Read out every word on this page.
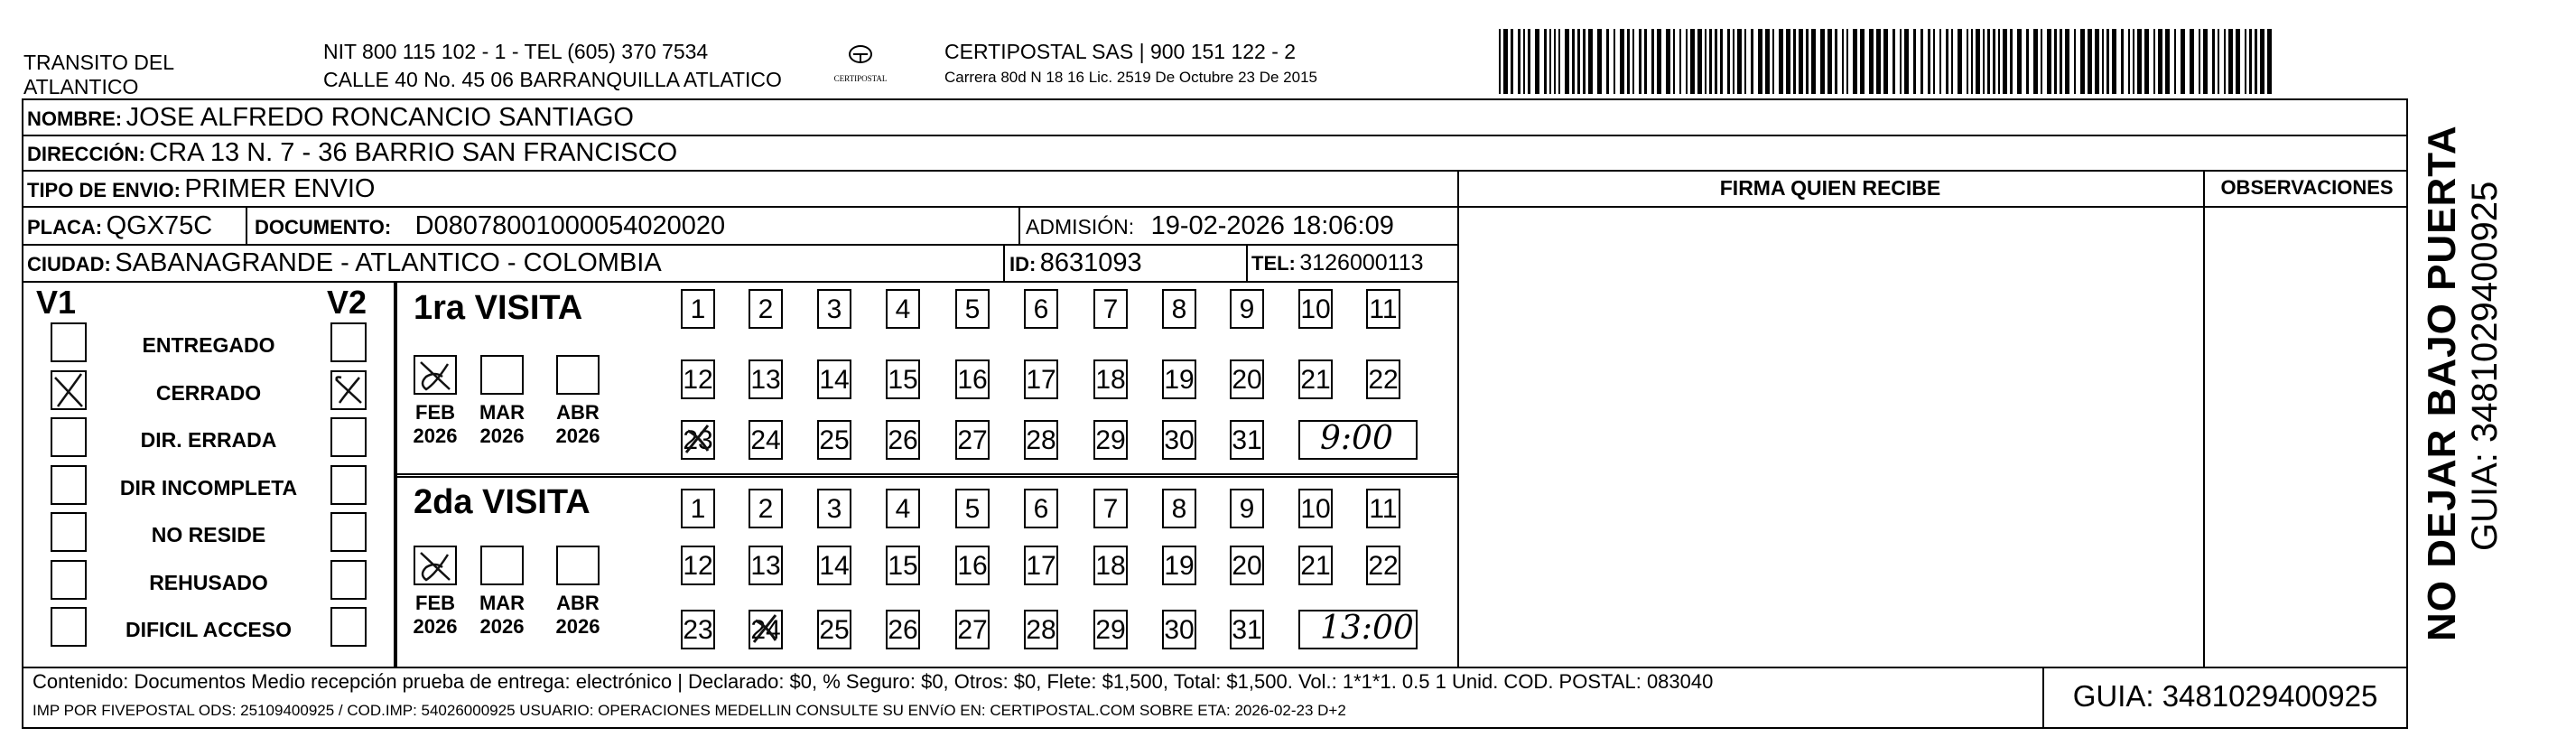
TRANSITO DEL
ATLANTICO
NIT 800 115 102 - 1 - TEL (605) 370 7534
CALLE 40 No. 45 06 BARRANQUILLA ATLATICO	CERTIPOSTAL
CERTIPOSTAL SAS | 900 151 122 - 2
Carrera 80d N 18 16 Lic. 2519 De Octubre 23 De 2015
NOMBRE: JOSE ALFREDO RONCANCIO SANTIAGO
DIRECCIÓN: CRA 13 N. 7 - 36 BARRIO SAN FRANCISCO
TIPO DE ENVIO: PRIMER ENVIO
PLACA: QGX75C DOCUMENTO: D08078001000054020020	ADMISIÓN: 19-02-2026 18:06:09
CIUDAD: SABANAGRANDE - ATLANTICO - COLOMBIA	ID: 8631093	TEL: 3126000113
FIRMA QUIEN RECIBE	OBSERVACIONES
V1	V2
ENTREGADO
CERRADO
DIR. ERRADA
DIR INCOMPLETA
NO RESIDE
REHUSADO
DIFICIL ACCESO
1ra VISITA
2da VISITA
FEB
2026
MAR
2026
ABR
2026
1	2	3	4	5	6	7	8	9	10 11
12 13 14 15 16 17 18 19 20 21 22
23 24 25 26 27 28 29 30 31 9:00
FEB
2026
MAR
2026
ABR
2026
1	2	3	4	5	6	7	8	9	10 11
12 13 14 15 16 17 18 19 20 21 22
23 24 25 26 27 28 29 30 31 13:00
Contenido: Documentos Medio recepción prueba de entrega: electrónico | Declarado: $0, % Seguro: $0, Otros: $0, Flete: $1,500, Total: $1,500. Vol.: 1*1*1. 0.5 1 Unid. COD. POSTAL: 083040
IMP POR FIVEPOSTAL ODS: 25109400925 / COD.IMP: 54026000925 USUARIO: OPERACIONES MEDELLIN CONSULTE SU ENVíO EN: CERTIPOSTAL.COM SOBRE ETA: 2026-02-23 D+2	GUIA: 3481029400925
NO DEJAR BAJO PUERTA GUIA: 3481029400925
